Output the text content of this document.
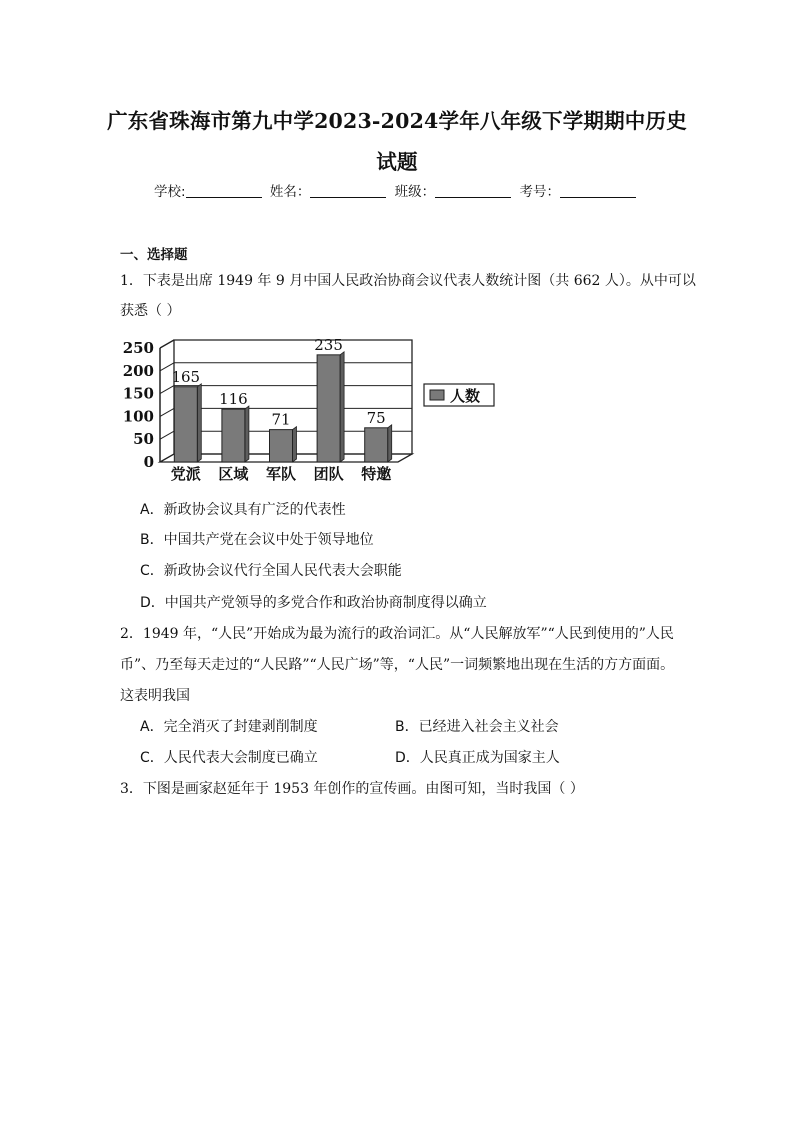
广东省珠海市第九中学2023-2024学年八年级下学期期中历史
试题
学校:	姓名：	班级：	考号：
一、选择题
1．下表是出席 1949 年 9 月中国人民政治协商会议代表人数统计图（共 662 人）。从中可以
获悉（ ）
0
50
100
150
200
250
165
党派
116
区域
71
军队
235
团队
75
特邀
人数
A．新政协会议具有广泛的代表性
B．中国共产党在会议中处于领导地位
C．新政协会议代行全国人民代表大会职能
D．中国共产党领导的多党合作和政治协商制度得以确立
2．1949 年，“人民”开始成为最为流行的政治词汇。从“人民解放军”“人民到使用的”人民
币”、乃至每天走过的“人民路”“人民广场”等，“人民”一词频繁地出现在生活的方方面面。
这表明我国
A．完全消灭了封建剥削制度	B．已经进入社会主义社会
C．人民代表大会制度已确立	D．人民真正成为国家主人
3．下图是画家赵延年于 1953 年创作的宣传画。由图可知，当时我国（ ）
